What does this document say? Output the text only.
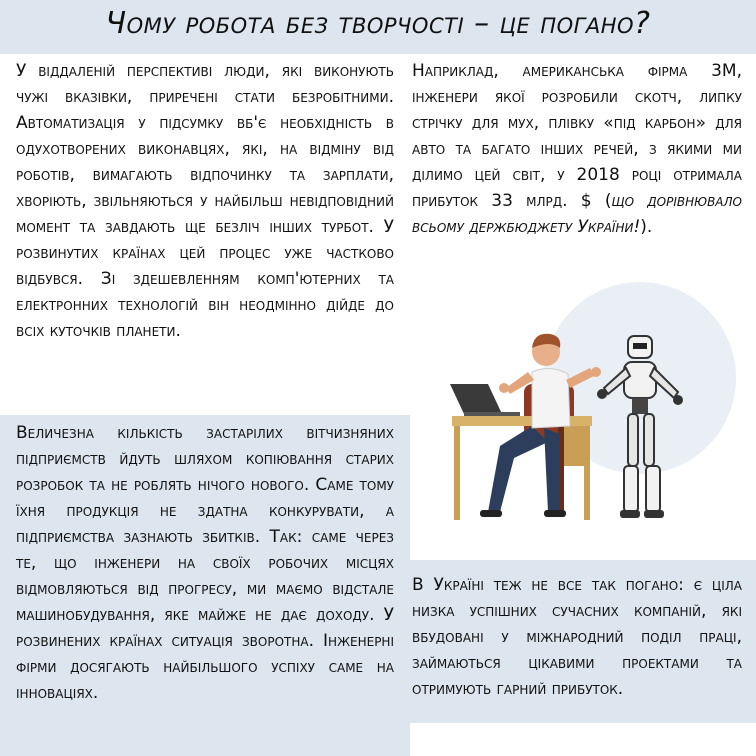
Чому робота без творчості – це погано?
У віддаленій перспективі люди, які виконують чужі вказівки, приречені стати безробітними. Автоматизація у підсумку вб'є необхідність в одухотворених виконавцях, які, на відміну від роботів, вимагають відпочинку та зарплати, хворіють, звільняються у найбільш невідповідний момент та завдають ще безліч інших турбот. У розвинутих країнах цей процес уже частково відбувся. Зі здешевленням комп'ютерних та електронних технологій він неодмінно дійде до всіх куточків планети.
Наприклад, американська фірма 3M, інженери якої розробили скотч, липку стрічку для мух, плівку «під карбон» для авто та багато інших речей, з якими ми ділимо цей світ, у 2018 році отримала прибуток 33 млрд. $ (що дорівнювало всьому держбюджету України!).
Величезна кількість застарілих вітчизняних підприємств йдуть шляхом копіювання старих розробок та не роблять нічого нового. Саме тому їхня продукція не здатна конкурувати, а підприємства зазнають збитків. Так: саме через те, що інженери на своїх робочих місцях відмовляються від прогресу, ми маємо відстале машинобудування, яке майже не дає доходу. У розвинених країнах ситуація зворотна. Інженерні фірми досягають найбільшого успіху саме на інноваціях.
В Україні теж не все так погано: є ціла низка успішних сучасних компаній, які вбудовані у міжнародний поділ праці, займаються цікавими проектами та отримують гарний прибуток.
